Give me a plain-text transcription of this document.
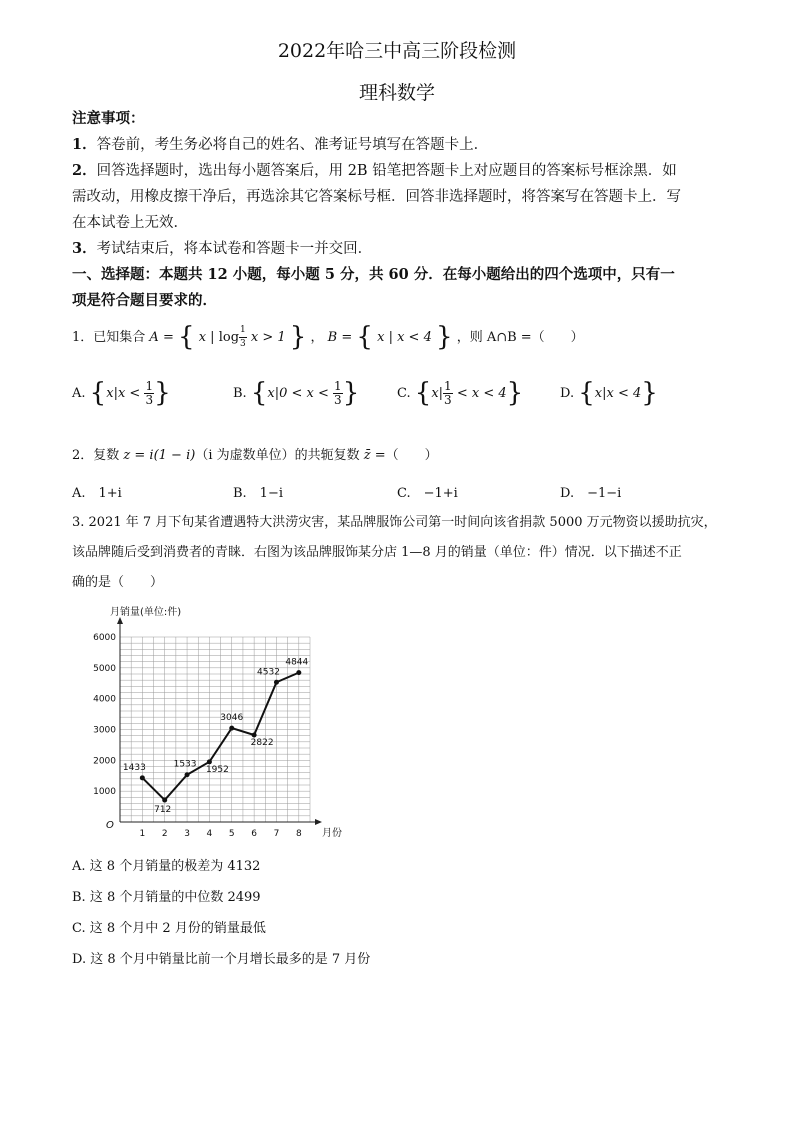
2022年哈三中高三阶段检测
理科数学
注意事项：
1．答卷前，考生务必将自己的姓名、准考证号填写在答题卡上．
2．回答选择题时，选出每小题答案后，用 2B 铅笔把答题卡上对应题目的答案标号框涂黑．如
需改动，用橡皮擦干净后，再选涂其它答案标号框．回答非选择题时，将答案写在答题卡上．写
在本试卷上无效．
3．考试结束后，将本试卷和答题卡一并交回．
一、选择题：本题共 12 小题，每小题 5 分，共 60 分．在每小题给出的四个选项中，只有一
项是符合题目要求的．
1．已知集合 A = { x | $\log \frac{1}{3}$ x > 1 } ， B = { x | x < 4 } ，则 A∩B =（　　）
A. {$x|x < \frac{1}{3}$ }	B. {$x|0 < x < \frac{1}{3}$ }	C. $\{x| \frac{1}{3} < x < 4\}$	D. {x|x < 4}
2．复数 z = i(1 − i)（i 为虚数单位）的共轭复数 z̄ =（　　）
A.　1+i	B.　1−i	C.　−1+i	D.　−1−i
3. 2021 年 7 月下旬某省遭遇特大洪涝灾害，某品牌服饰公司第一时间向该省捐款 5000 万元物资以援助抗灾，
该品牌随后受到消费者的青睐．右图为该品牌服饰某分店 1—8 月的销量（单位：件）情况．以下描述不正
确的是（　　）
月销量(单位:件)
月份
O
1000
2000
3000
4000
5000
6000
1 2 3 4 5 6 7 8
1433
712
1533
1952
3046
2822
4532
4844
A. 这 8 个月销量的极差为 4132
B. 这 8 个月销量的中位数 2499
C. 这 8 个月中 2 月份的销量最低
D. 这 8 个月中销量比前一个月增长最多的是 7 月份
